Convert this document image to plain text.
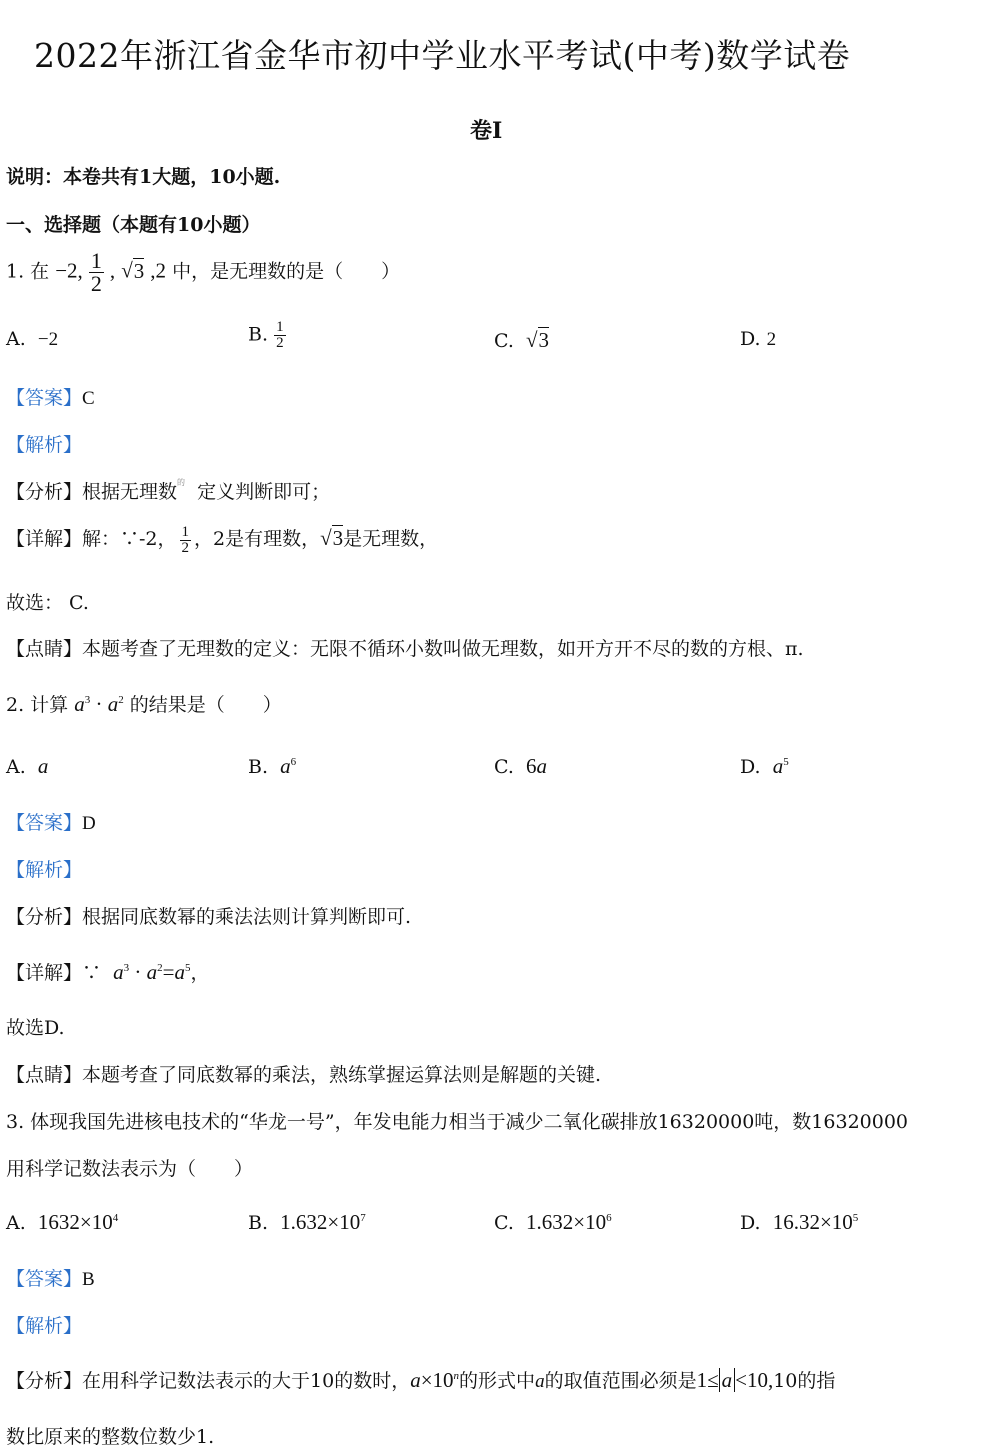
2022年浙江省金华市初中学业水平考试(中考)数学试卷
卷Ⅰ
说明：本卷共有1大题，10小题.
一、选择题（本题有10小题）
1. 在 −2, $\frac{1}{2}$ , √3 ,2 中，是无理数的是（　　）
A. −2	B. $\frac{1}{2}$	C. √3	D. 2
【答案】C
【解析】
【分析】根据无理数$^的$ 定义判断即可；
【详解】解：∵-2， $\frac{1}{2}$ ，2是有理数，√3是无理数，
故选： C.
【点睛】本题考查了无理数的定义：无限不循环小数叫做无理数，如开方开不尽的数的方根、π.
2. 计算 $a^3 \cdot a^2$ 的结果是（　　）
A. a	B. $a^6$	C. 6a	D. $a^5$
【答案】D
【解析】
【分析】根据同底数幂的乘法法则计算判断即可.
【详解】∵ $a^3 \cdot a^2=a^5$，
故选D.
【点睛】本题考查了同底数幂的乘法，熟练掌握运算法则是解题的关键.
3. 体现我国先进核电技术的“华龙一号”，年发电能力相当于减少二氧化碳排放16320000吨，数16320000
用科学记数法表示为（　　）
A. $1632\times 10^4$	B. $1.632\times 10^7$	C. $1.632\times 10^6$	D. $16.32\times 10^5$
【答案】B
【解析】
【分析】在用科学记数法表示的大于10的数时，$a\times 10^n$的形式中a的取值范围必须是1≤ a <10,10的指
数比原来的整数位数少1.
